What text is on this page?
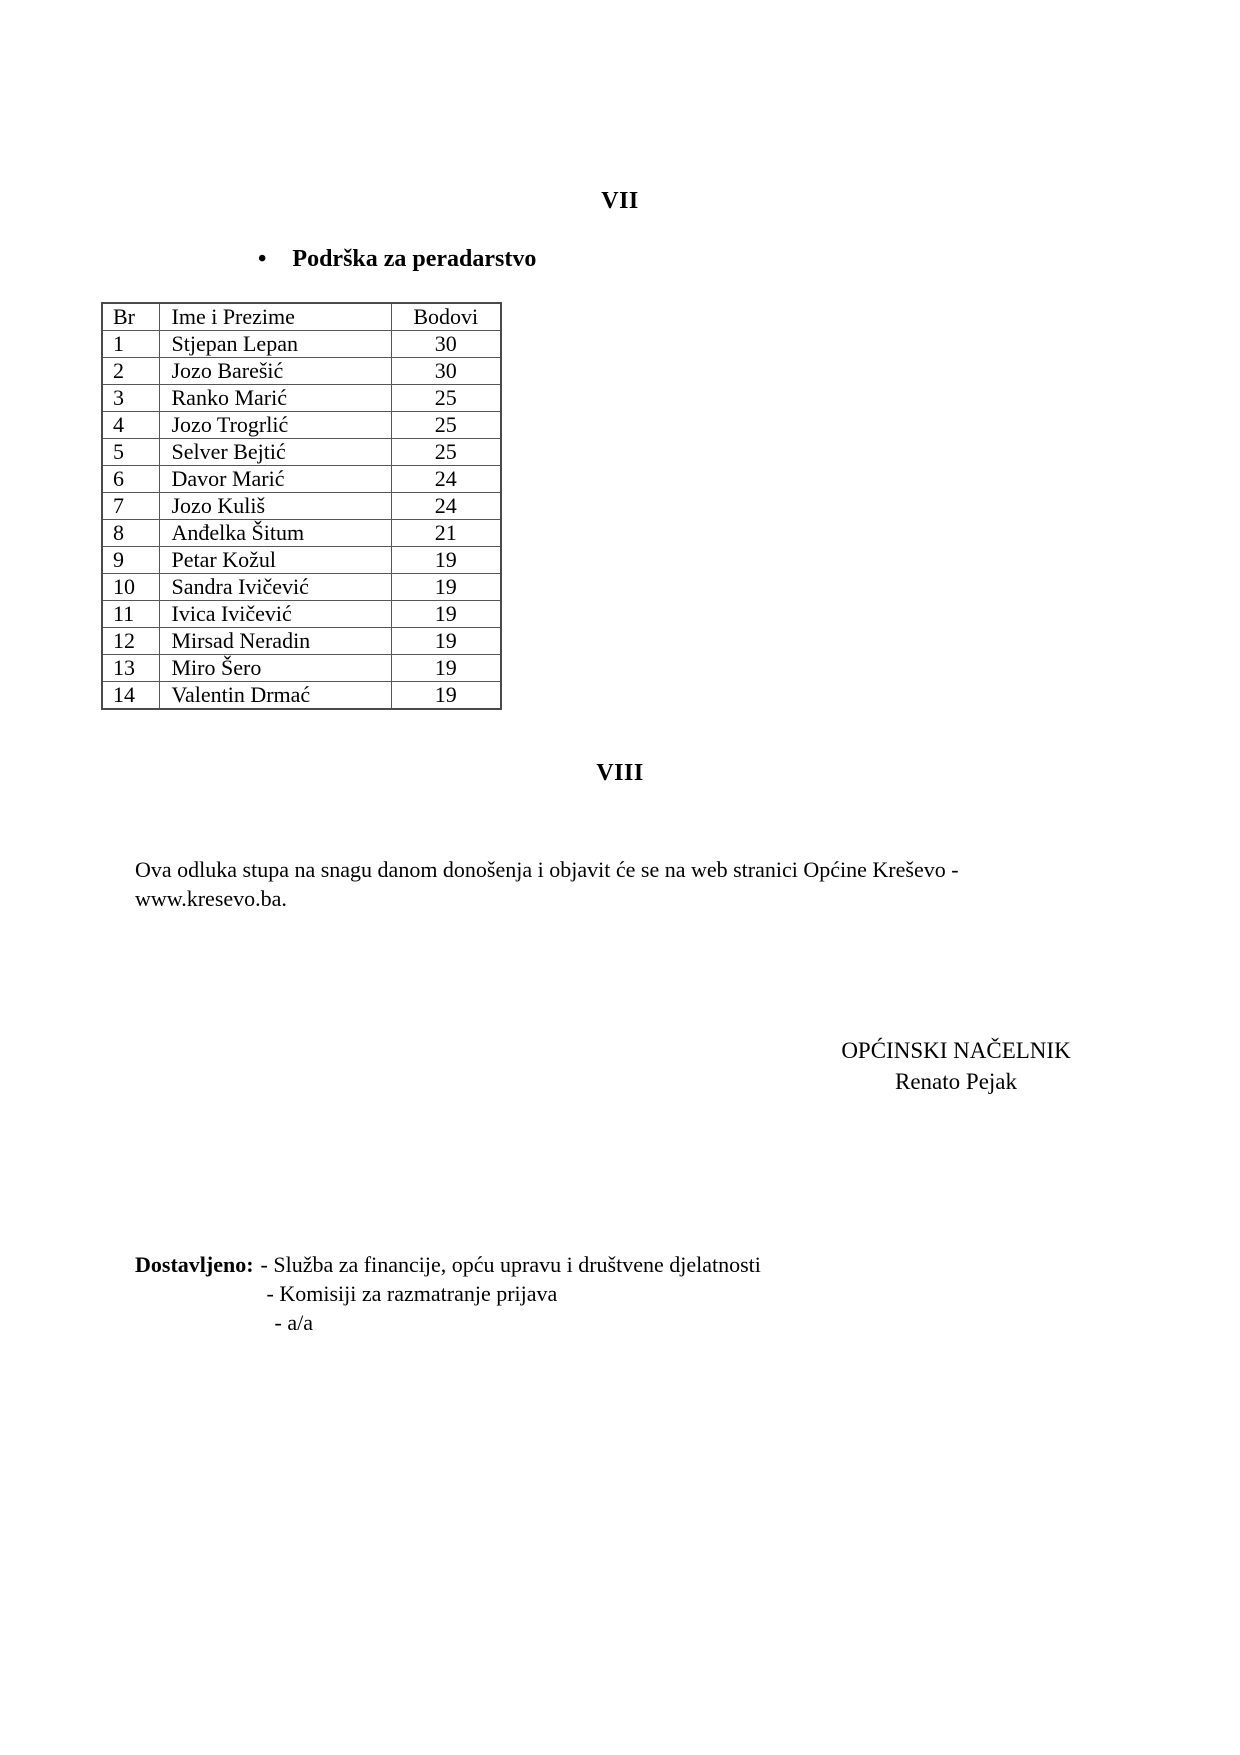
VII
• Podrška za peradarstvo
Br	Ime i Prezime	Bodovi
1	Stjepan Lepan	30
2	Jozo Barešić	30
3	Ranko Marić	25
4	Jozo Trogrlić	25
5	Selver Bejtić	25
6	Davor Marić	24
7	Jozo Kuliš	24
8	Anđelka Šitum	21
9	Petar Kožul	19
10	Sandra Ivičević	19
11	Ivica Ivičević	19
12	Mirsad Neradin	19
13	Miro Šero	19
14	Valentin Drmać	19
VIII
Ova odluka stupa na snagu danom donošenja i objavit će se na web stranici Općine Kreševo - www.kresevo.ba.
OPĆINSKI NAČELNIK
Renato Pejak
Dostavljeno: - Služba za financije, opću upravu i društvene djelatnosti
- Komisiji za razmatranje prijava
- a/a
